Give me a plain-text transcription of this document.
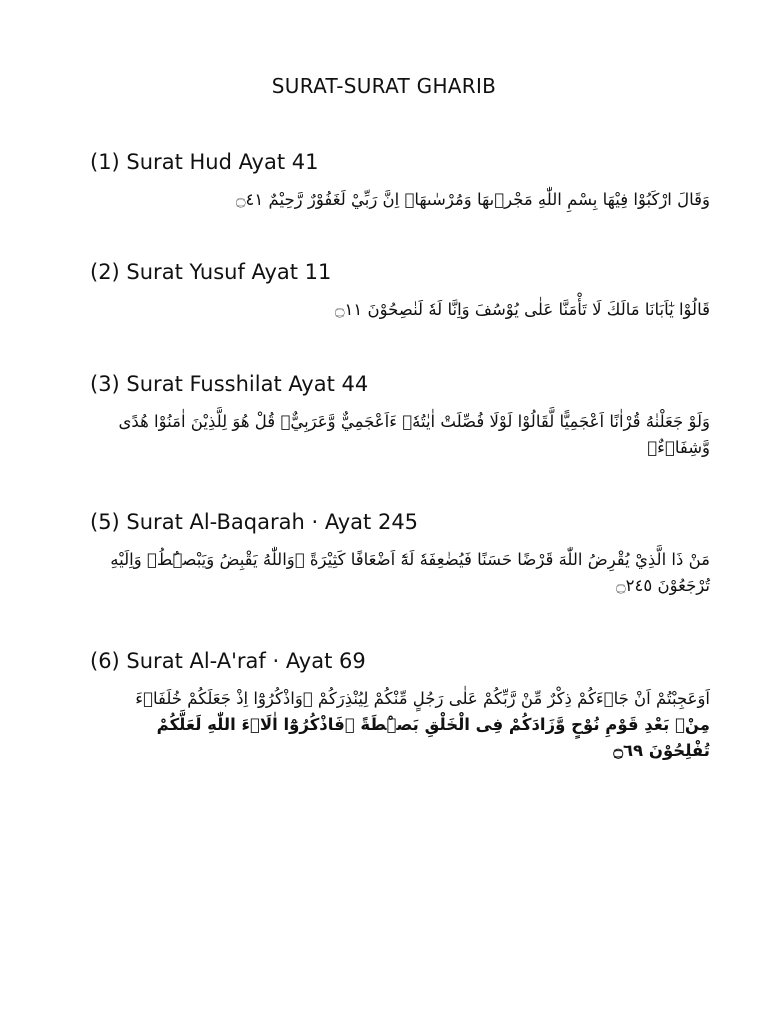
SURAT-SURAT GHARIB
(1) Surat Hud Ayat 41
وَقَالَ ارْكَبُوْا فِيْهَا بِسْمِ اللّٰهِ مَجْرٖىهَا وَمُرْسٰىهَاۗ اِنَّ رَبِّيْ لَغَفُوْرٌ رَّحِيْمٌ ۝٤١
(2) Surat Yusuf Ayat 11
قَالُوْا يٰٓاَبَانَا مَالَكَ لَا تَأْمَنَّا عَلٰى يُوْسُفَ وَاِنَّا لَهٗ لَنٰصِحُوْنَ ۝١١
(3) Surat Fusshilat Ayat 44
وَلَوْ جَعَلْنٰهُ قُرْاٰنًا اَعْجَمِيًّا لَّقَالُوْا لَوْلَا فُصِّلَتْ اٰيٰتُهٗۗ ءَاَعْجَمِيٌّ وَّعَرَبِيٌّۗ قُلْ هُوَ لِلَّذِيْنَ اٰمَنُوْا هُدًى وَّشِفَاۤءٌۗ
(5) Surat Al-Baqarah · Ayat 245
مَنْ ذَا الَّذِيْ يُقْرِضُ اللّٰهَ قَرْضًا حَسَنًا فَيُضٰعِفَهٗ لَهٗٓ اَضْعَافًا كَثِيْرَةً ۗوَاللّٰهُ يَقْبِضُ وَيَبْصُۣطُۖ وَاِلَيْهِ تُرْجَعُوْنَ ۝٢٤٥
(6) Surat Al-A'raf · Ayat 69
اَوَعَجِبْتُمْ اَنْ جَاۤءَكُمْ ذِكْرٌ مِّنْ رَّبِّكُمْ عَلٰى رَجُلٍ مِّنْكُمْ لِيُنْذِرَكُمْ ۗوَاذْكُرُوْٓا اِذْ جَعَلَكُمْ خُلَفَاۤءَ مِنْۢ بَعْدِ قَوْمِ نُوْحٍ وَّزَادَكُمْ فِى الْخَلْقِ بَصْۣطَةً ۚفَاذْكُرُوْٓا اٰلَاۤءَ اللّٰهِ لَعَلَّكُمْ تُفْلِحُوْنَ ۝٦٩
